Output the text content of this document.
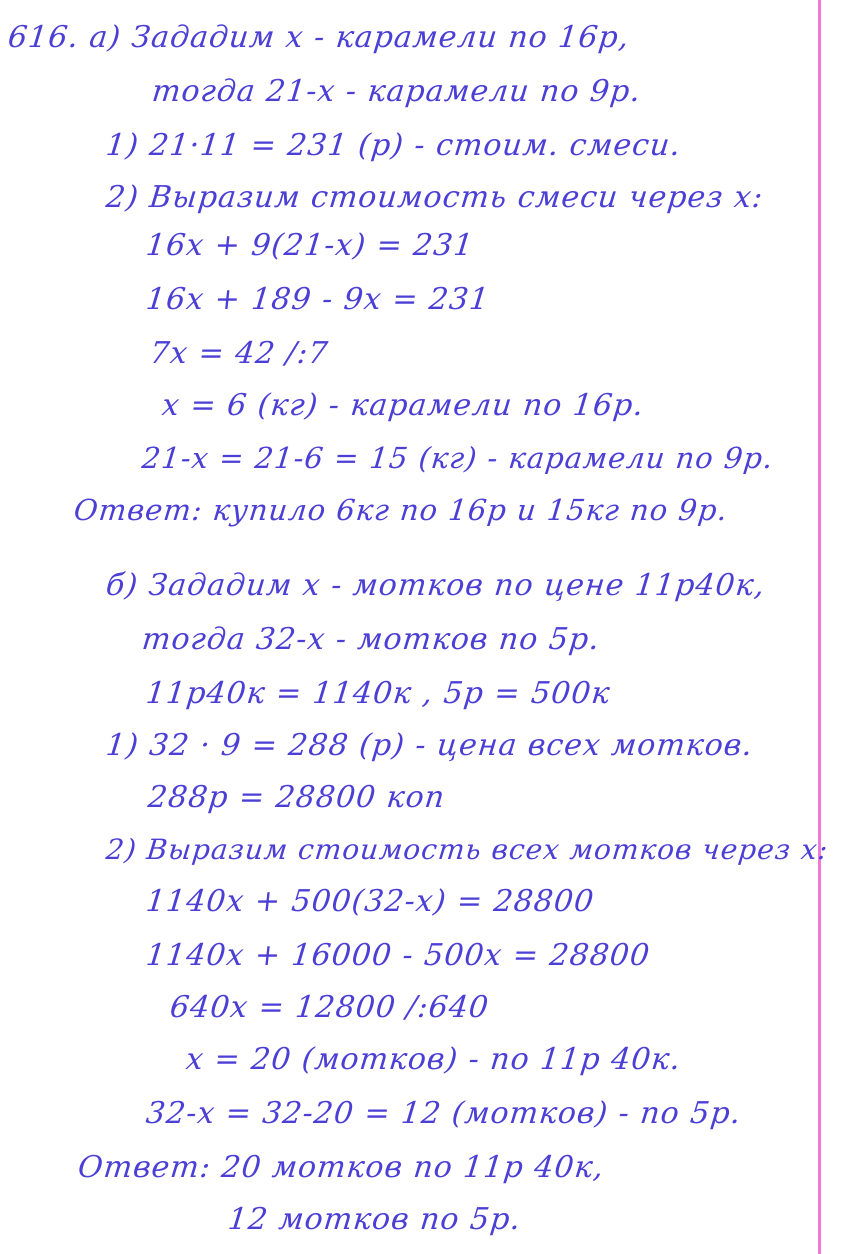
616. а) Зададим х - карамели по 16р,
тогда 21-х - карамели по 9р.
1) 21·11 = 231 (р) - стоим. смеси.
2) Выразим стоимость смеси через х:
16х + 9(21-х) = 231
16х + 189 - 9х = 231
7х = 42 /:7
х = 6 (кг) - карамели по 16р.
21-х = 21-6 = 15 (кг) - карамели по 9р.
Ответ: купило 6кг по 16р и 15кг по 9р.
б) Зададим х - мотков по цене 11р40к,
тогда 32-х - мотков по 5р.
11р40к = 1140к , 5р = 500к
1) 32 · 9 = 288 (р) - цена всех мотков.
288р = 28800 коп
2) Выразим стоимость всех мотков через х:
1140х + 500(32-х) = 28800
1140х + 16000 - 500х = 28800
640х = 12800 /:640
х = 20 (мотков) - по 11р 40к.
32-х = 32-20 = 12 (мотков) - по 5р.
Ответ: 20 мотков по 11р 40к,
12 мотков по 5р.
